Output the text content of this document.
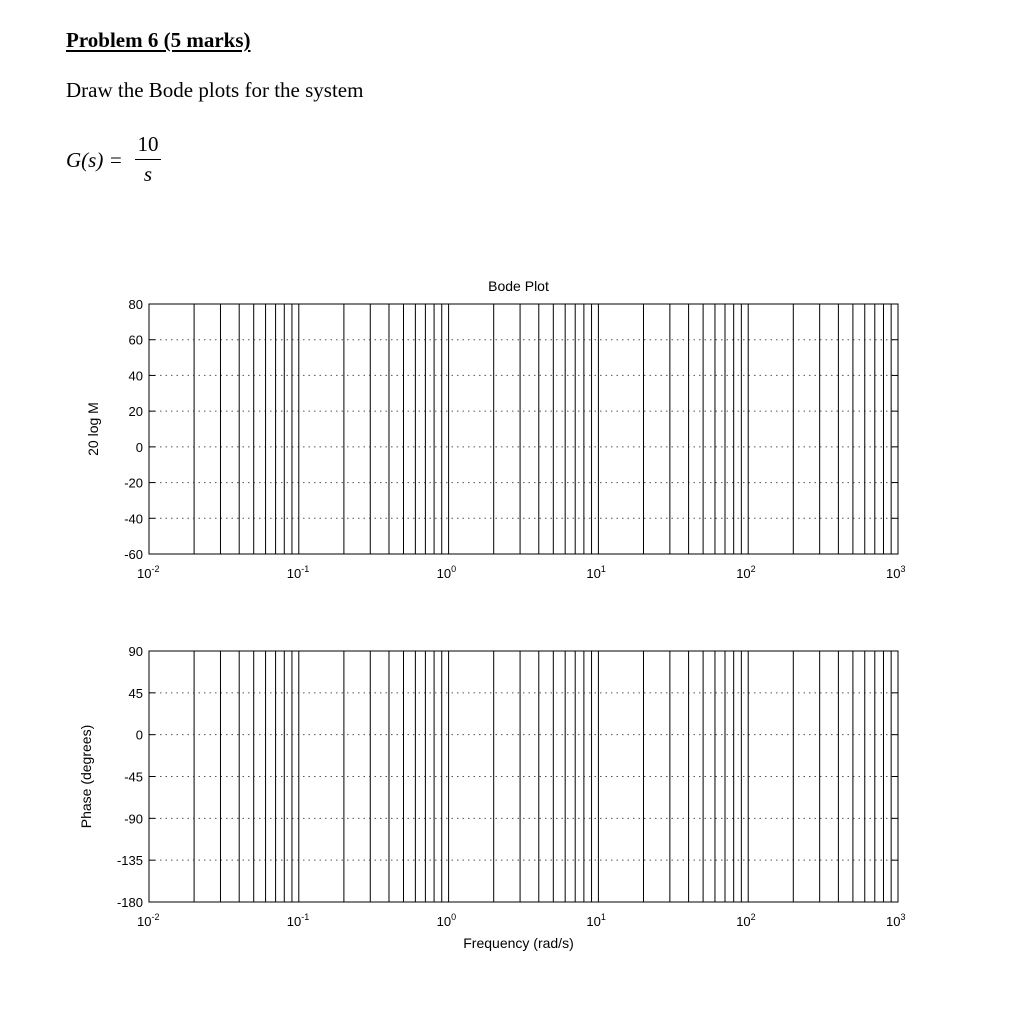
Problem 6 (5 marks)
Draw the Bode plots for the system
G(s) =
10
s
80
60
40
20
0
-20
-40
-60
$10^{-2}$	$10^{-1}$	$10^0$	$10^1$	$10^2$	$10^3$
20 log M
Bode Plot
90
45
0
-45
-90
-135
-180
$10^{-2}$	$10^{-1}$	$10^0$	$10^1$	$10^2$	$10^3$
Phase (degrees)
Frequency (rad/s)
